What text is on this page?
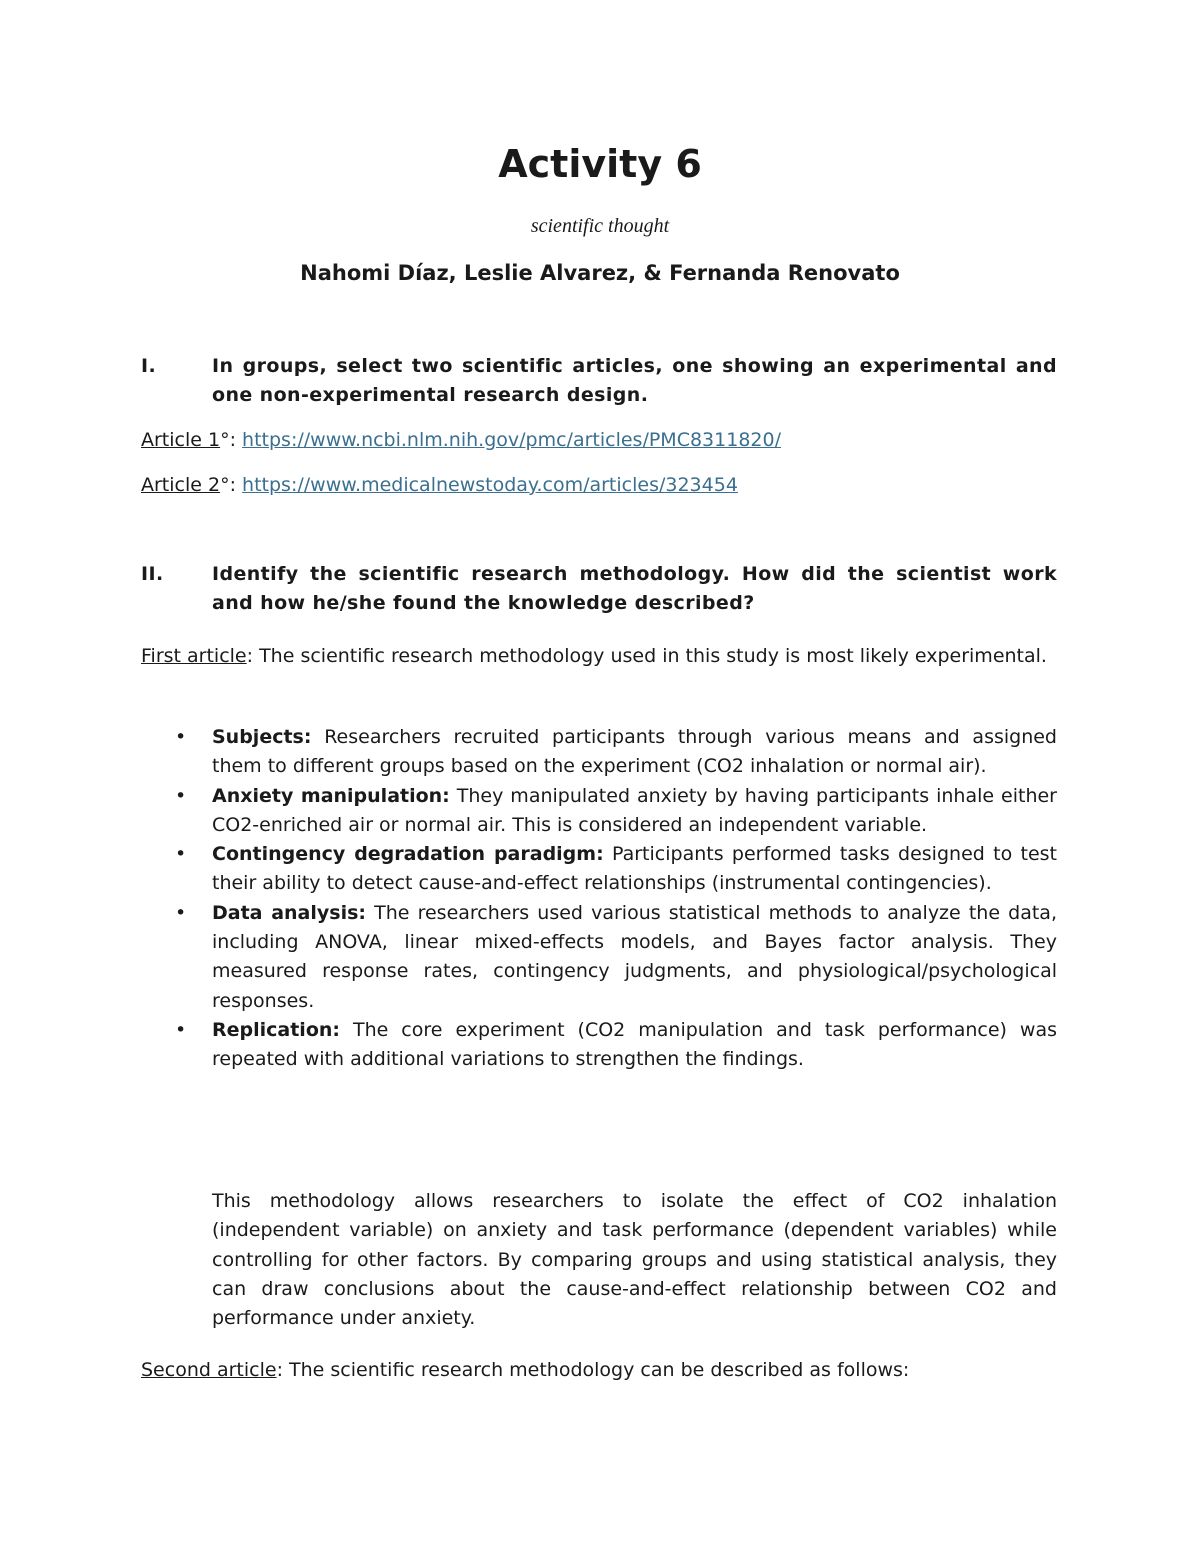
Activity 6
scientific thought
Nahomi Díaz, Leslie Alvarez, & Fernanda Renovato
I.	In groups, select two scientific articles, one showing an experimental and one non-experimental research design.
Article 1°: https://www.ncbi.nlm.nih.gov/pmc/articles/PMC8311820/
Article 2°: https://www.medicalnewstoday.com/articles/323454
II.	Identify the scientific research methodology. How did the scientist work and how he/she found the knowledge described?
First article: The scientific research methodology used in this study is most likely experimental.
• Subjects: Researchers recruited participants through various means and assigned them to different groups based on the experiment (CO2 inhalation or normal air).
• Anxiety manipulation: They manipulated anxiety by having participants inhale either CO2-enriched air or normal air. This is considered an independent variable.
• Contingency degradation paradigm: Participants performed tasks designed to test their ability to detect cause-and-effect relationships (instrumental contingencies).
• Data analysis: The researchers used various statistical methods to analyze the data, including ANOVA, linear mixed-effects models, and Bayes factor analysis. They measured response rates, contingency judgments, and physiological/psychological responses.
• Replication: The core experiment (CO2 manipulation and task performance) was repeated with additional variations to strengthen the findings.
This methodology allows researchers to isolate the effect of CO2 inhalation (independent variable) on anxiety and task performance (dependent variables) while controlling for other factors. By comparing groups and using statistical analysis, they can draw conclusions about the cause-and-effect relationship between CO2 and performance under anxiety.
Second article: The scientific research methodology can be described as follows:
